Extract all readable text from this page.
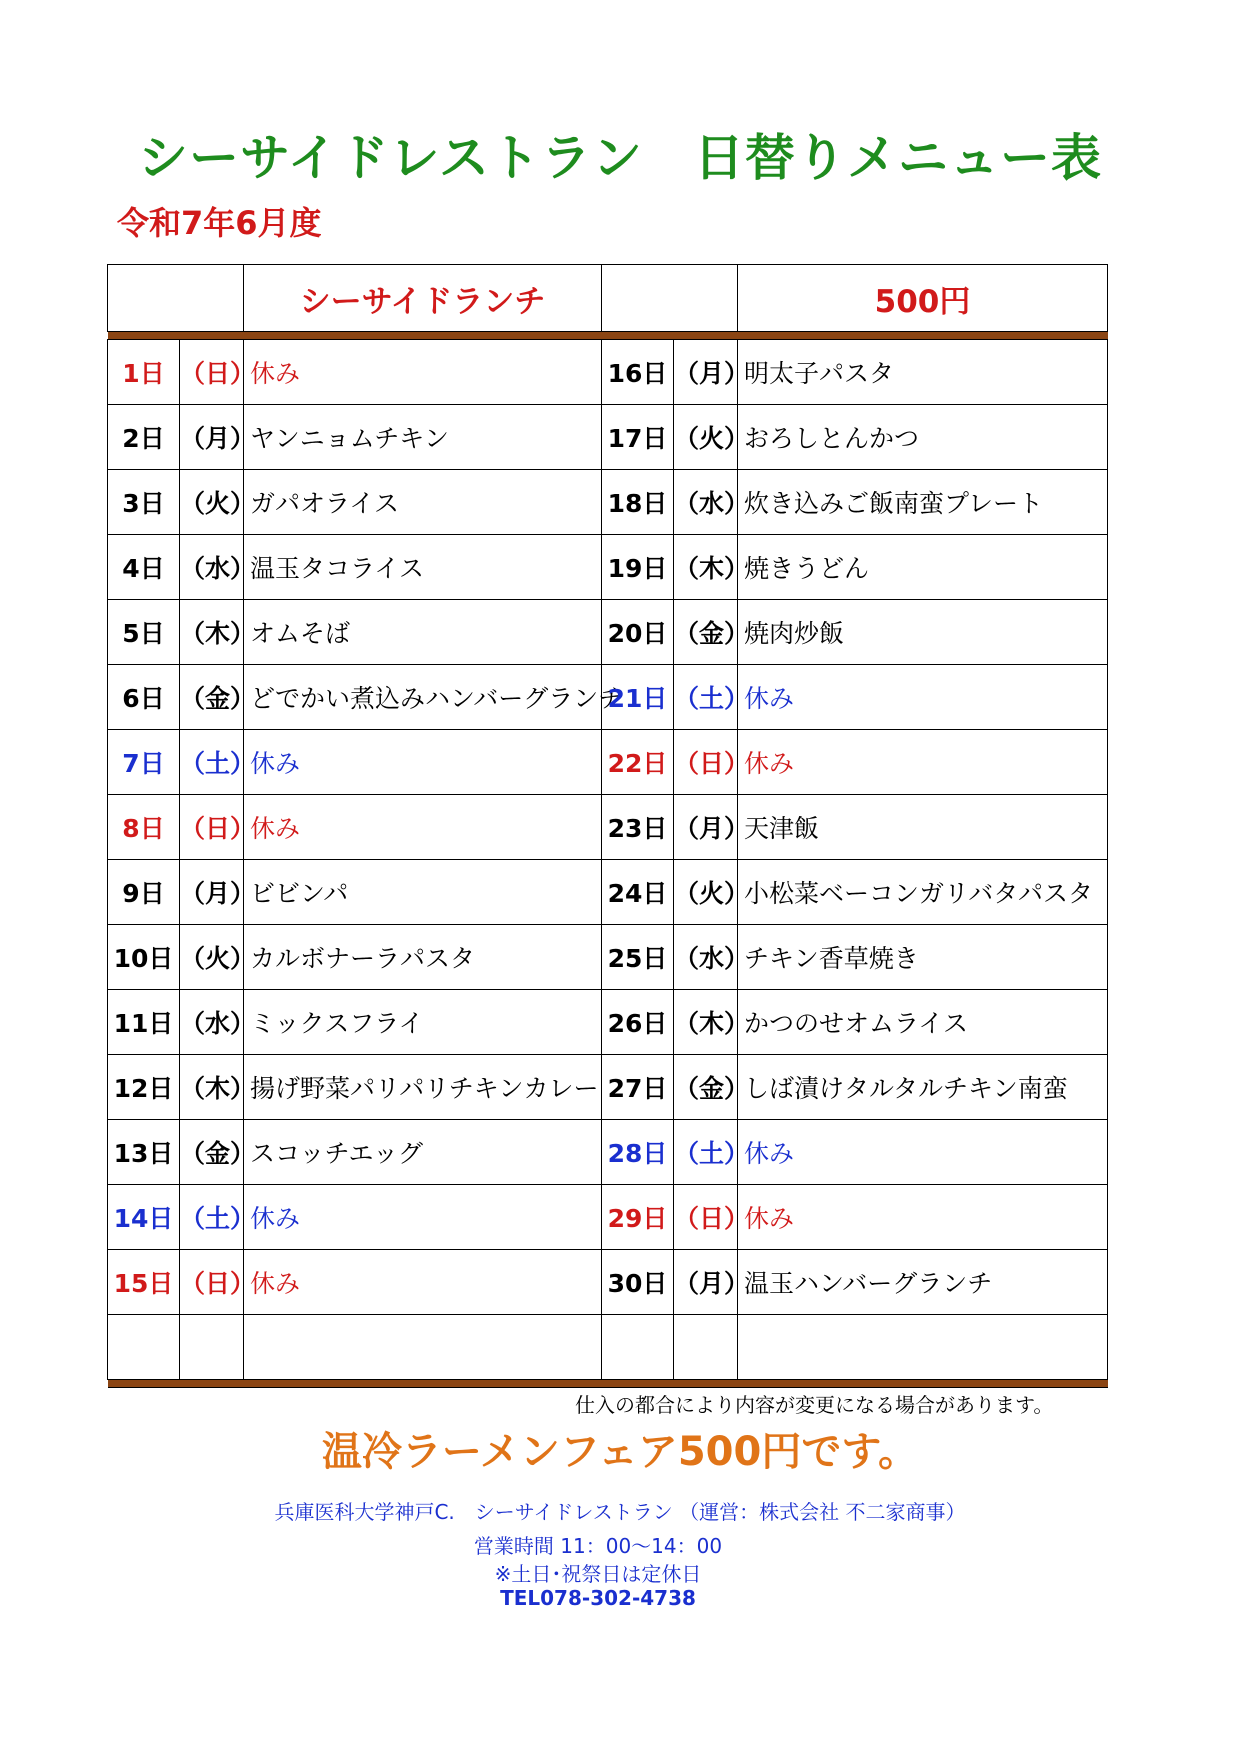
シーサイドレストラン　日替りメニュー表
令和7年6月度
		シーサイドランチ			500円

1日	（日）	休み	16日	（月）	明太子パスタ
2日	（月）	ヤンニョムチキン	17日	（火）	おろしとんかつ
3日	（火）	ガパオライス	18日	（水）	炊き込みご飯南蛮プレート
4日	（水）	温玉タコライス	19日	（木）	焼きうどん
5日	（木）	オムそば	20日	（金）	焼肉炒飯
6日	（金）	どでかい煮込みハンバーグランチ	21日	（土）	休み
7日	（土）	休み	22日	（日）	休み
8日	（日）	休み	23日	（月）	天津飯
9日	（月）	ビビンパ	24日	（火）	小松菜ベーコンガリバタパスタ
10日	（火）	カルボナーラパスタ	25日	（水）	チキン香草焼き
11日	（水）	ミックスフライ	26日	（木）	かつのせオムライス
12日	（木）	揚げ野菜パリパリチキンカレー	27日	（金）	しば漬けタルタルチキン南蛮
13日	（金）	スコッチエッグ	28日	（土）	休み
14日	（土）	休み	29日	（日）	休み
15日	（日）	休み	30日	（月）	温玉ハンバーグランチ

仕入の都合により内容が変更になる場合があります。
温冷ラーメンフェア500円です。
兵庫医科大学神戸C.　シーサイドレストラン （運営：株式会社 不二家商事）
営業時間 11：00～14：00
※土日･祝祭日は定休日
TEL078-302-4738
